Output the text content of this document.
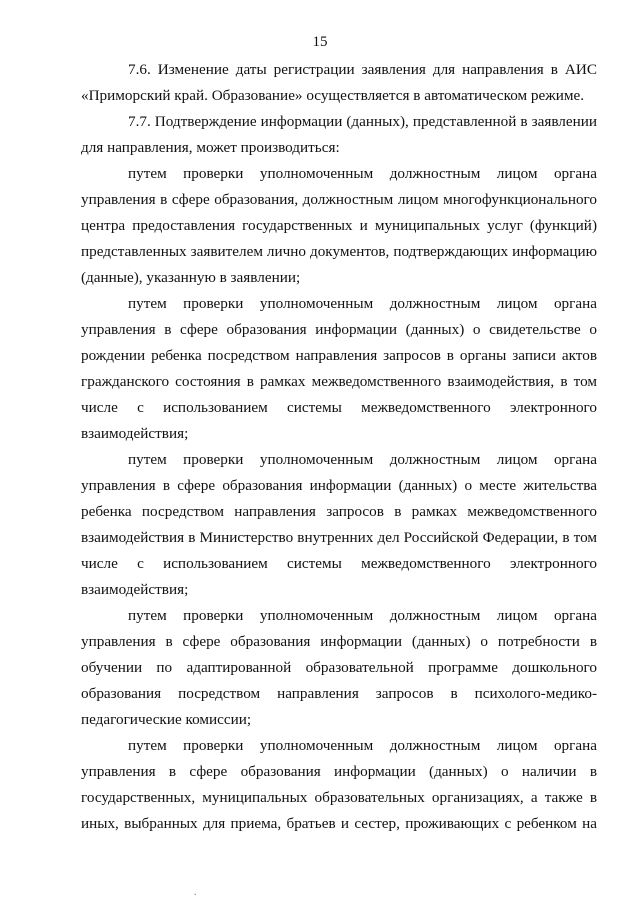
15

7.6. Изменение даты регистрации заявления для направления в АИС
«Приморский край. Образование» осуществляется в автоматическом режиме.

7.7. Подтверждение информации (данных), представленной в заявлении
для направления, может производиться:

путем проверки уполномоченным должностным лицом органа
управления в сфере образования, должностным лицом многофункционального
центра предоставления государственных и муниципальных услуг (функций)
представленных заявителем лично документов, подтверждающих информацию
(данные), указанную в заявлении;

путем проверки уполномоченным должностным лицом органа
управления в сфере образования информации (данных) о свидетельстве о
рождении ребенка посредством направления запросов в органы записи актов
гражданского состояния в рамках межведомственного взаимодействия, в том
числе с использованием системы межведомственного электронного
взаимодействия;

путем проверки уполномоченным должностным лицом органа
управления в сфере образования информации (данных) о месте жительства
ребенка посредством направления запросов в рамках межведомственного
взаимодействия в Министерство внутренних дел Российской Федерации, в том
числе с использованием системы межведомственного электронного
взаимодействия;

путем проверки уполномоченным должностным лицом органа
управления в сфере образования информации (данных) о потребности в
обучении по адаптированной образовательной программе дошкольного
образования посредством направления запросов в психолого-медико-
педагогические комиссии;

путем проверки уполномоченным должностным лицом органа
управления в сфере образования информации (данных) о наличии в
государственных, муниципальных образовательных организациях, а также в
иных, выбранных для приема, братьев и сестер, проживающих с ребенком на

.
